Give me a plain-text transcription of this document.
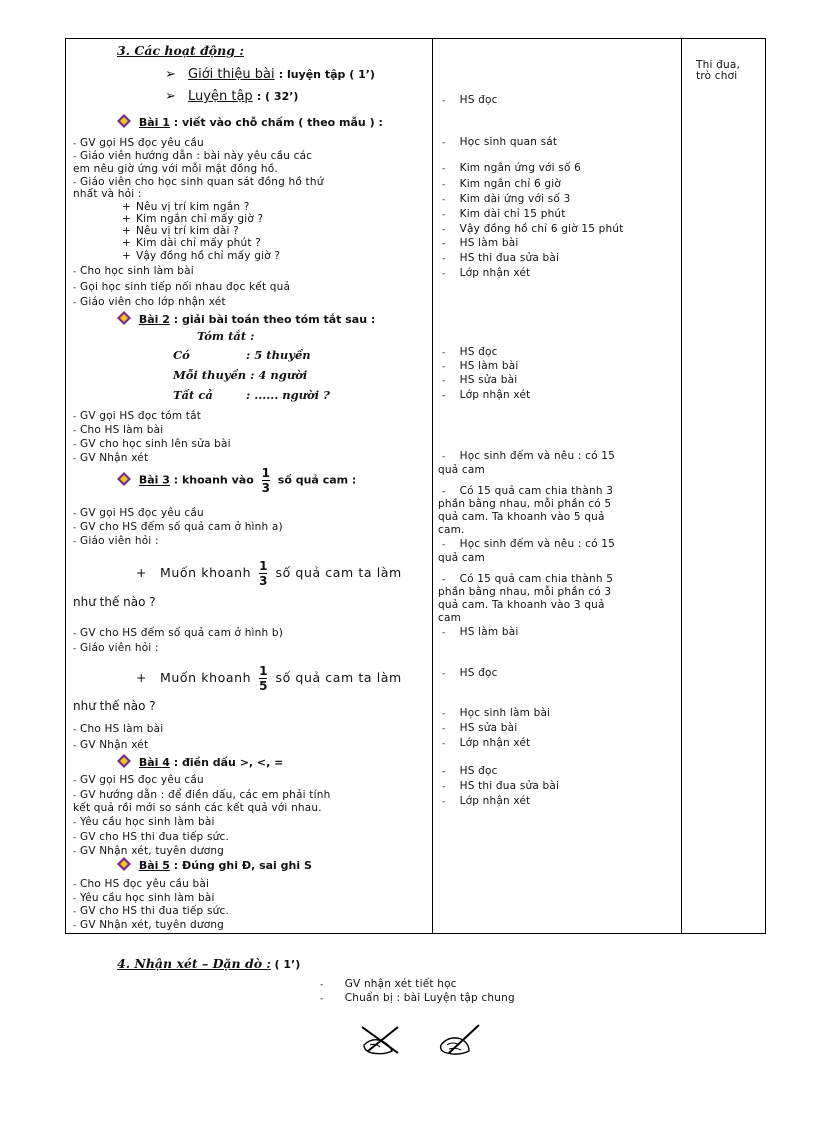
3. Các hoạt động :
➢ Giới thiệu bài : luyện tập ( 1’)
➢ Luyện tập : ( 32’)
Bài 1 : viết vào chỗ chấm ( theo mẫu ) :
- GV gọi HS đọc yêu cầu
- Giáo viên hướng dẫn : bài này yêu cầu các
em nêu giờ ứng với mỗi mặt đồng hồ.
- Giáo viên cho học sinh quan sát đồng hồ thứ
nhất và hỏi :
+ Nêu vị trí kim ngắn ?
+ Kim ngắn chỉ mấy giờ ?
+ Nêu vị trí kim dài ?
+ Kim dài chỉ mấy phút ?
+ Vậy đồng hồ chỉ mấy giờ ?
- Cho học sinh làm bài
- Gọi học sinh tiếp nối nhau đọc kết quả
- Giáo viên cho lớp nhận xét
Bài 2 : giải bài toán theo tóm tắt sau :
Tóm tắt :
Có	: 5 thuyền
Mỗi thuyền : 4 người
Tất cả	: ...... người ?
- GV gọi HS đọc tóm tắt
- Cho HS làm bài
- GV cho học sinh lên sửa bài
- GV Nhận xét
Bài 3 : khoanh vào $\frac{1}{3}$ số quả cam :
- GV gọi HS đọc yêu cầu
- GV cho HS đếm số quả cam ở hình a)
- Giáo viên hỏi :
+ Muốn khoanh $\frac{1}{3}$ số quả cam ta làm
như thế nào ?
- GV cho HS đếm số quả cam ở hình b)
- Giáo viên hỏi :
+ Muốn khoanh $\frac{1}{5}$ số quả cam ta làm
như thế nào ?
- Cho HS làm bài
- GV Nhận xét
Bài 4 : điền dấu >, <, =
- GV gọi HS đọc yêu cầu
- GV hướng dẫn : để điền dấu, các em phải tính
kết quả rồi mới so sánh các kết quả với nhau.
- Yêu cầu học sinh làm bài
- GV cho HS thi đua tiếp sức.
- GV Nhận xét, tuyên dương
Bài 5 : Đúng ghi Đ, sai ghi S
- Cho HS đọc yêu cầu bài
- Yêu cầu học sinh làm bài
- GV cho HS thi đua tiếp sức.
- GV Nhận xét, tuyên dương
- HS đọc
- Học sinh quan sát
- Kim ngắn ứng với số 6
- Kim ngắn chỉ 6 giờ
- Kim dài ứng với số 3
- Kim dài chỉ 15 phút
- Vậy đồng hồ chỉ 6 giờ 15 phút
- HS làm bài
- HS thi đua sửa bài
- Lớp nhận xét
- HS đọc
- HS làm bài
- HS sửa bài
- Lớp nhận xét
- Học sinh đếm và nêu : có 15
quả cam
- Có 15 quả cam chia thành 3
phần bằng nhau, mỗi phần có 5
quả cam. Ta khoanh vào 5 quả
cam.
- Học sinh đếm và nêu : có 15
quả cam
- Có 15 quả cam chia thành 5
phần bằng nhau, mỗi phần có 3
quả cam. Ta khoanh vào 3 quả
cam
- HS làm bài
- HS đọc
- Học sinh làm bài
- HS sửa bài
- Lớp nhận xét
- HS đọc
- HS thi đua sửa bài
- Lớp nhận xét
Thi đua,
trò chơi
4. Nhận xét – Dặn dò : ( 1’)
- GV nhận xét tiết học
- Chuẩn bị : bài Luyện tập chung
